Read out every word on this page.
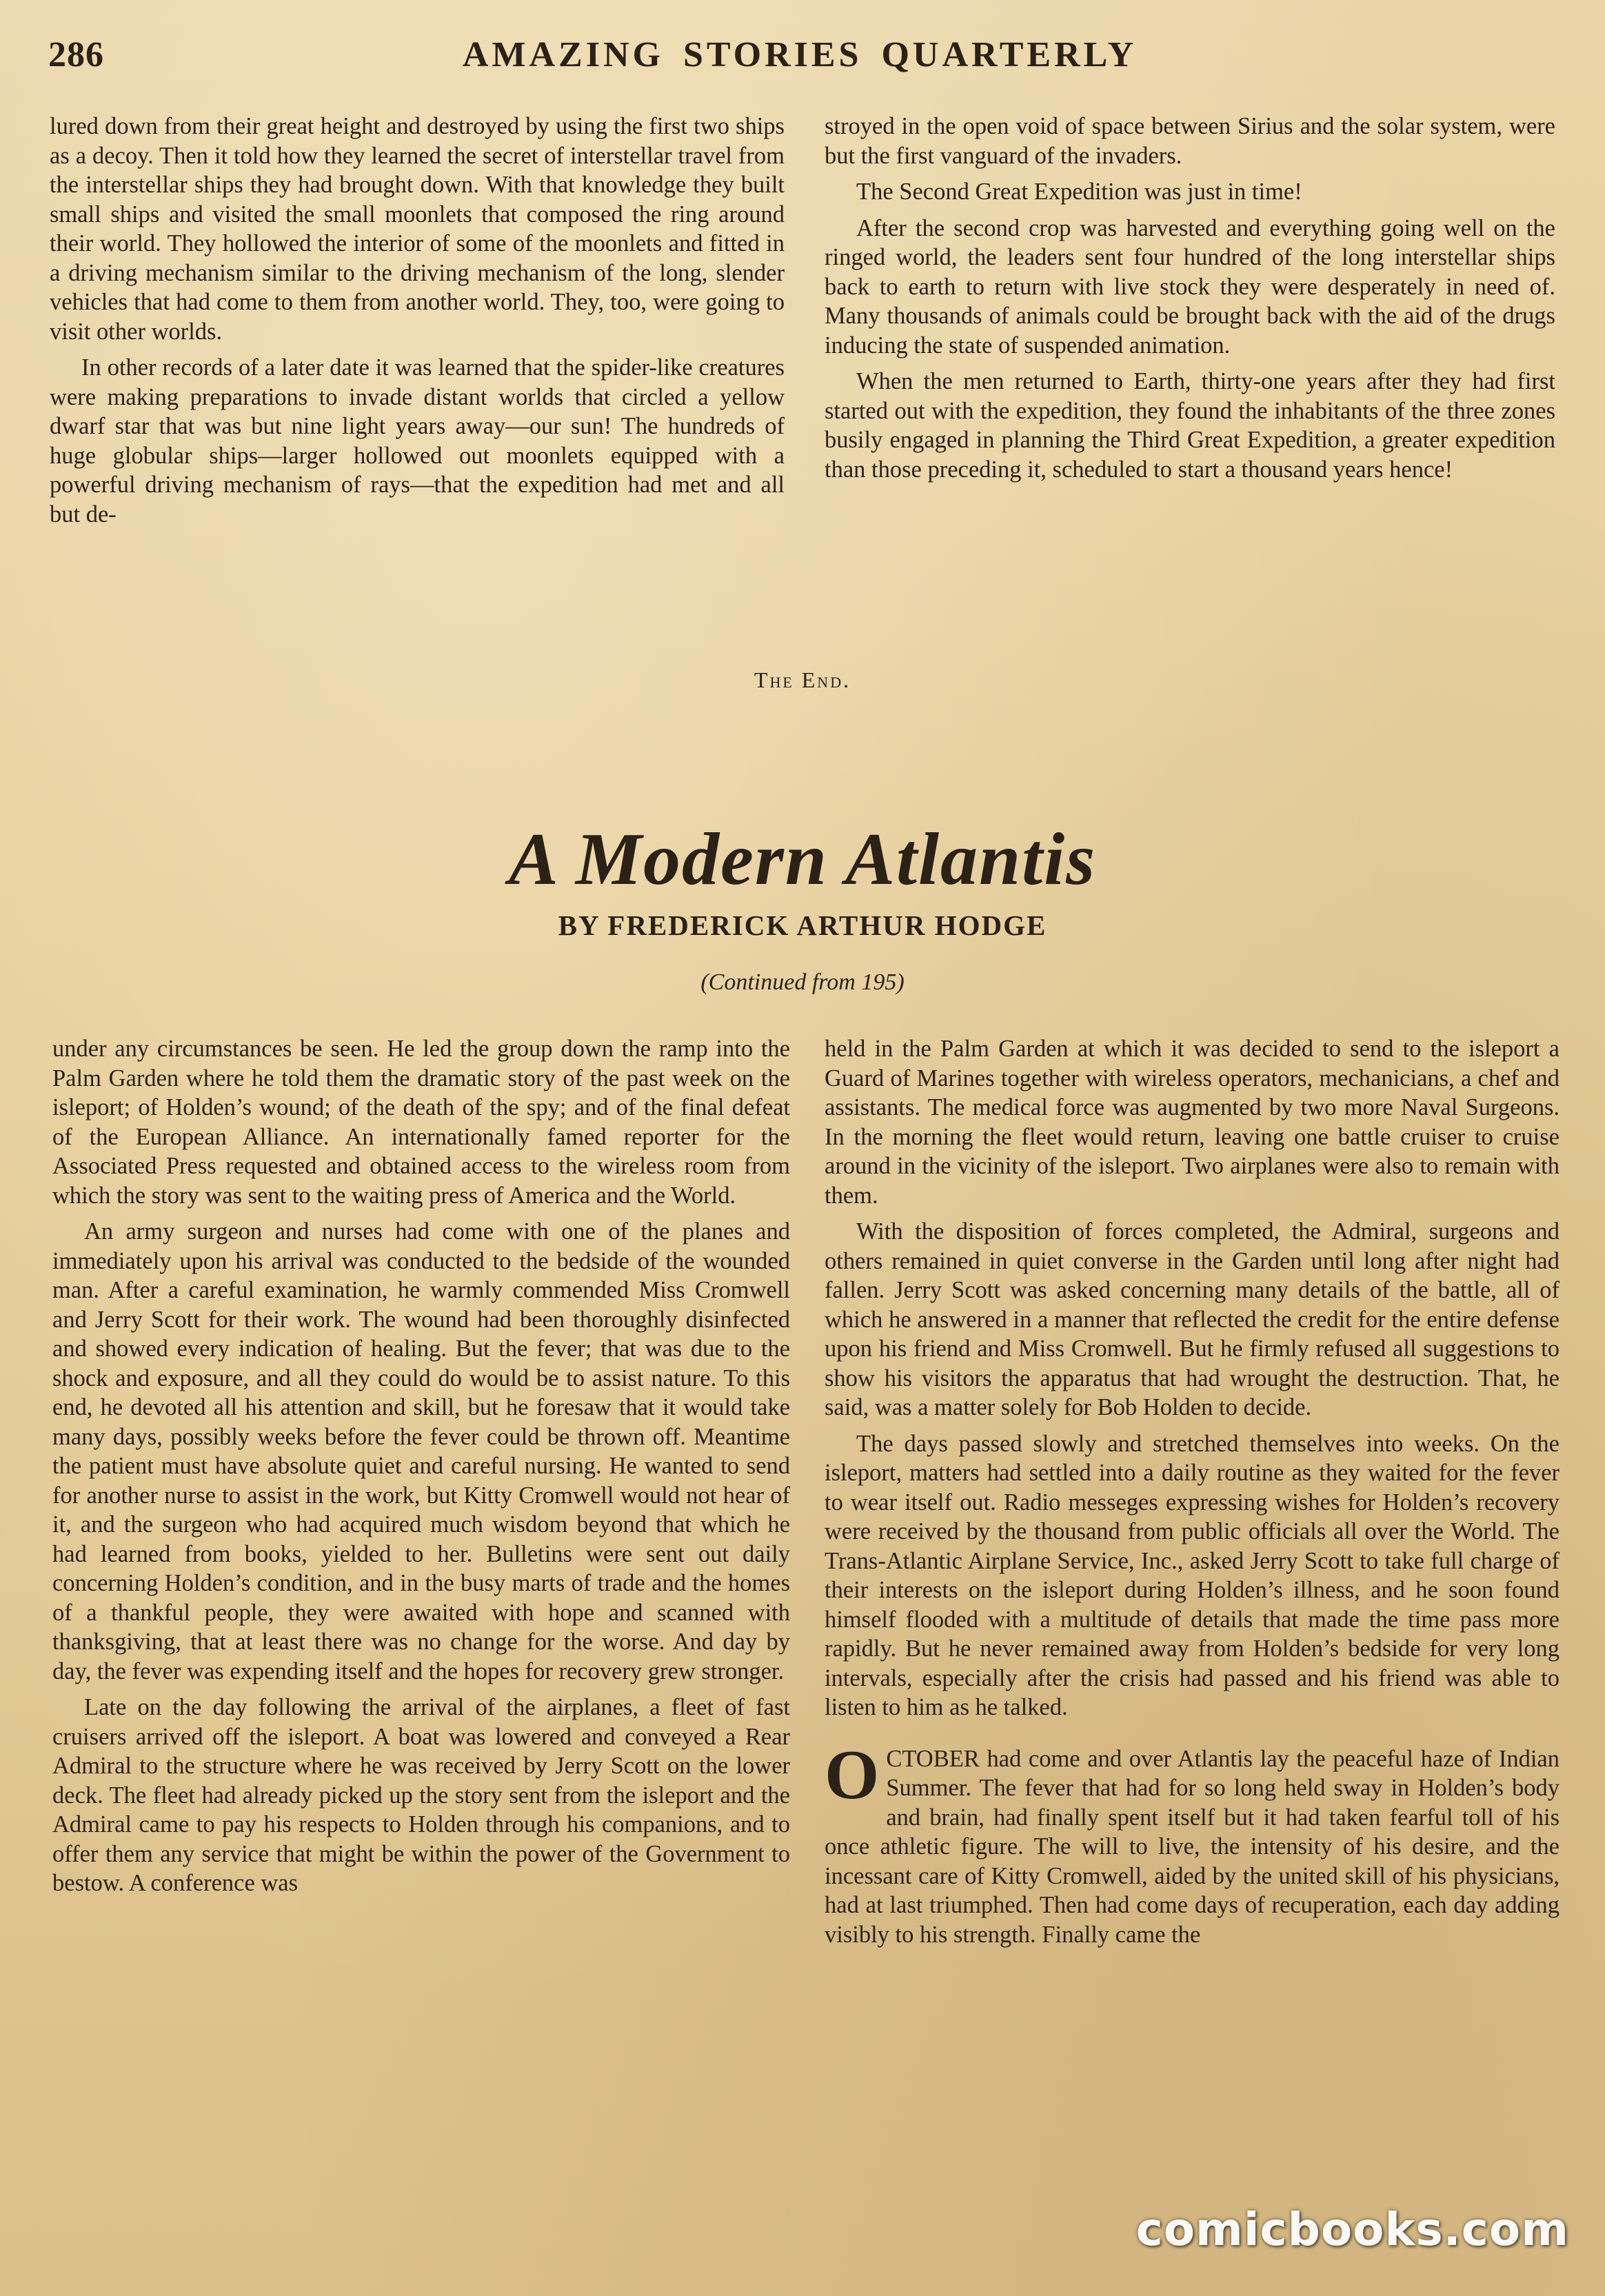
286	AMAZING STORIES QUARTERLY

lured down from their great height and destroyed by using the first two ships as a decoy. Then it told how they learned the secret of interstellar travel from the interstellar ships they had brought down. With that knowledge they built small ships and visited the small moonlets that composed the ring around their world. They hollowed the interior of some of the moonlets and fitted in a driving mechanism similar to the driving mechanism of the long, slender vehicles that had come to them from another world. They, too, were going to visit other worlds.

In other records of a later date it was learned that the spider-like creatures were making preparations to invade distant worlds that circled a yellow dwarf star that was but nine light years away—our sun! The hundreds of huge globular ships—larger hollowed out moonlets equipped with a powerful driving mechanism of rays—that the expedition had met and all but de-

stroyed in the open void of space between Sirius and the solar system, were but the first vanguard of the invaders.

The Second Great Expedition was just in time!

After the second crop was harvested and everything going well on the ringed world, the leaders sent four hundred of the long interstellar ships back to earth to return with live stock they were desperately in need of. Many thousands of animals could be brought back with the aid of the drugs inducing the state of suspended animation.

When the men returned to Earth, thirty-one years after they had first started out with the expedition, they found the inhabitants of the three zones busily engaged in planning the Third Great Expedition, a greater expedition than those preceding it, scheduled to start a thousand years hence!

The End.
A Modern Atlantis
BY FREDERICK ARTHUR HODGE
(Continued from 195)

under any circumstances be seen. He led the group down the ramp into the Palm Garden where he told them the dramatic story of the past week on the isleport; of Holden’s wound; of the death of the spy; and of the final defeat of the European Alliance. An internationally famed reporter for the Associated Press requested and obtained access to the wireless room from which the story was sent to the waiting press of America and the World.

An army surgeon and nurses had come with one of the planes and immediately upon his arrival was conducted to the bedside of the wounded man. After a careful examination, he warmly commended Miss Cromwell and Jerry Scott for their work. The wound had been thoroughly disinfected and showed every indication of healing. But the fever; that was due to the shock and exposure, and all they could do would be to assist nature. To this end, he devoted all his attention and skill, but he foresaw that it would take many days, possibly weeks before the fever could be thrown off. Meantime the patient must have absolute quiet and careful nursing. He wanted to send for another nurse to assist in the work, but Kitty Cromwell would not hear of it, and the surgeon who had acquired much wisdom beyond that which he had learned from books, yielded to her. Bulletins were sent out daily concerning Holden’s condition, and in the busy marts of trade and the homes of a thankful people, they were awaited with hope and scanned with thanksgiving, that at least there was no change for the worse. And day by day, the fever was expending itself and the hopes for recovery grew stronger.

Late on the day following the arrival of the airplanes, a fleet of fast cruisers arrived off the isleport. A boat was lowered and conveyed a Rear Admiral to the structure where he was received by Jerry Scott on the lower deck. The fleet had already picked up the story sent from the isleport and the Admiral came to pay his respects to Holden through his companions, and to offer them any service that might be within the power of the Government to bestow. A conference was

held in the Palm Garden at which it was decided to send to the isleport a Guard of Marines together with wireless operators, mechanicians, a chef and assistants. The medical force was augmented by two more Naval Surgeons. In the morning the fleet would return, leaving one battle cruiser to cruise around in the vicinity of the isleport. Two airplanes were also to remain with them.

With the disposition of forces completed, the Admiral, surgeons and others remained in quiet converse in the Garden until long after night had fallen. Jerry Scott was asked concerning many details of the battle, all of which he answered in a manner that reflected the credit for the entire defense upon his friend and Miss Cromwell. But he firmly refused all suggestions to show his visitors the apparatus that had wrought the destruction. That, he said, was a matter solely for Bob Holden to decide.

The days passed slowly and stretched themselves into weeks. On the isleport, matters had settled into a daily routine as they waited for the fever to wear itself out. Radio messeges expressing wishes for Holden’s recovery were received by the thousand from public officials all over the World. The Trans-Atlantic Airplane Service, Inc., asked Jerry Scott to take full charge of their interests on the isleport during Holden’s illness, and he soon found himself flooded with a multitude of details that made the time pass more rapidly. But he never remained away from Holden’s bedside for very long intervals, especially after the crisis had passed and his friend was able to listen to him as he talked.

OCTOBER had come and over Atlantis lay the peaceful haze of Indian Summer. The fever that had for so long held sway in Holden’s body and brain, had finally spent itself but it had taken fearful toll of his once athletic figure. The will to live, the intensity of his desire, and the incessant care of Kitty Cromwell, aided by the united skill of his physicians, had at last triumphed. Then had come days of recuperation, each day adding visibly to his strength. Finally came the

comicbooks.com
